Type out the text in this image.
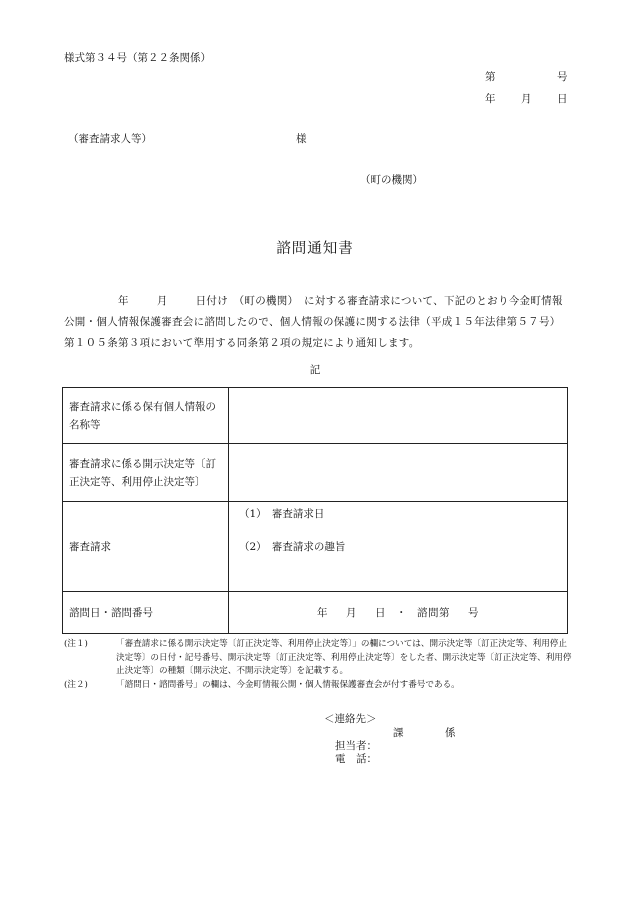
様式第３４号（第２２条関係）
第	号
年 月 日
（審査請求人等）	様
（町の機関）
諮問通知書
年	月	日付け　 （町の機関）　 に対する審査請求について、下記のとおり今金町情報公開・個人情報保護審査会に諮問したので、個人情報の保護に関する法律（平成１５年法律第５７号）第１０５条第３項において準用する同条第２項の規定により通知します。
記
審査請求に係る保有個人情報の名称等	
審査請求に係る開示決定等〔訂正決定等、利用停止決定等〕	
審査請求	（1）　審査請求日
（2）　審査請求の趣旨

諮問日・諮問番号	年 月 日 ・ 諮問第 号
(注１)	「審査請求に係る開示決定等〔訂正決定等、利用停止決定等〕」の欄については、開示決定等〔訂正決定等、利用停止決定等〕の日付・記号番号、開示決定等〔訂正決定等、利用停止決定等〕をした者、開示決定等〔訂正決定等、利用停止決定等〕の種類〔開示決定、不開示決定等〕を記載する。
(注２)	「諮問日・諮問番号」の欄は、今金町情報公開・個人情報保護審査会が付す番号である。
＜連絡先＞
課	係
担当者：
電　話：
